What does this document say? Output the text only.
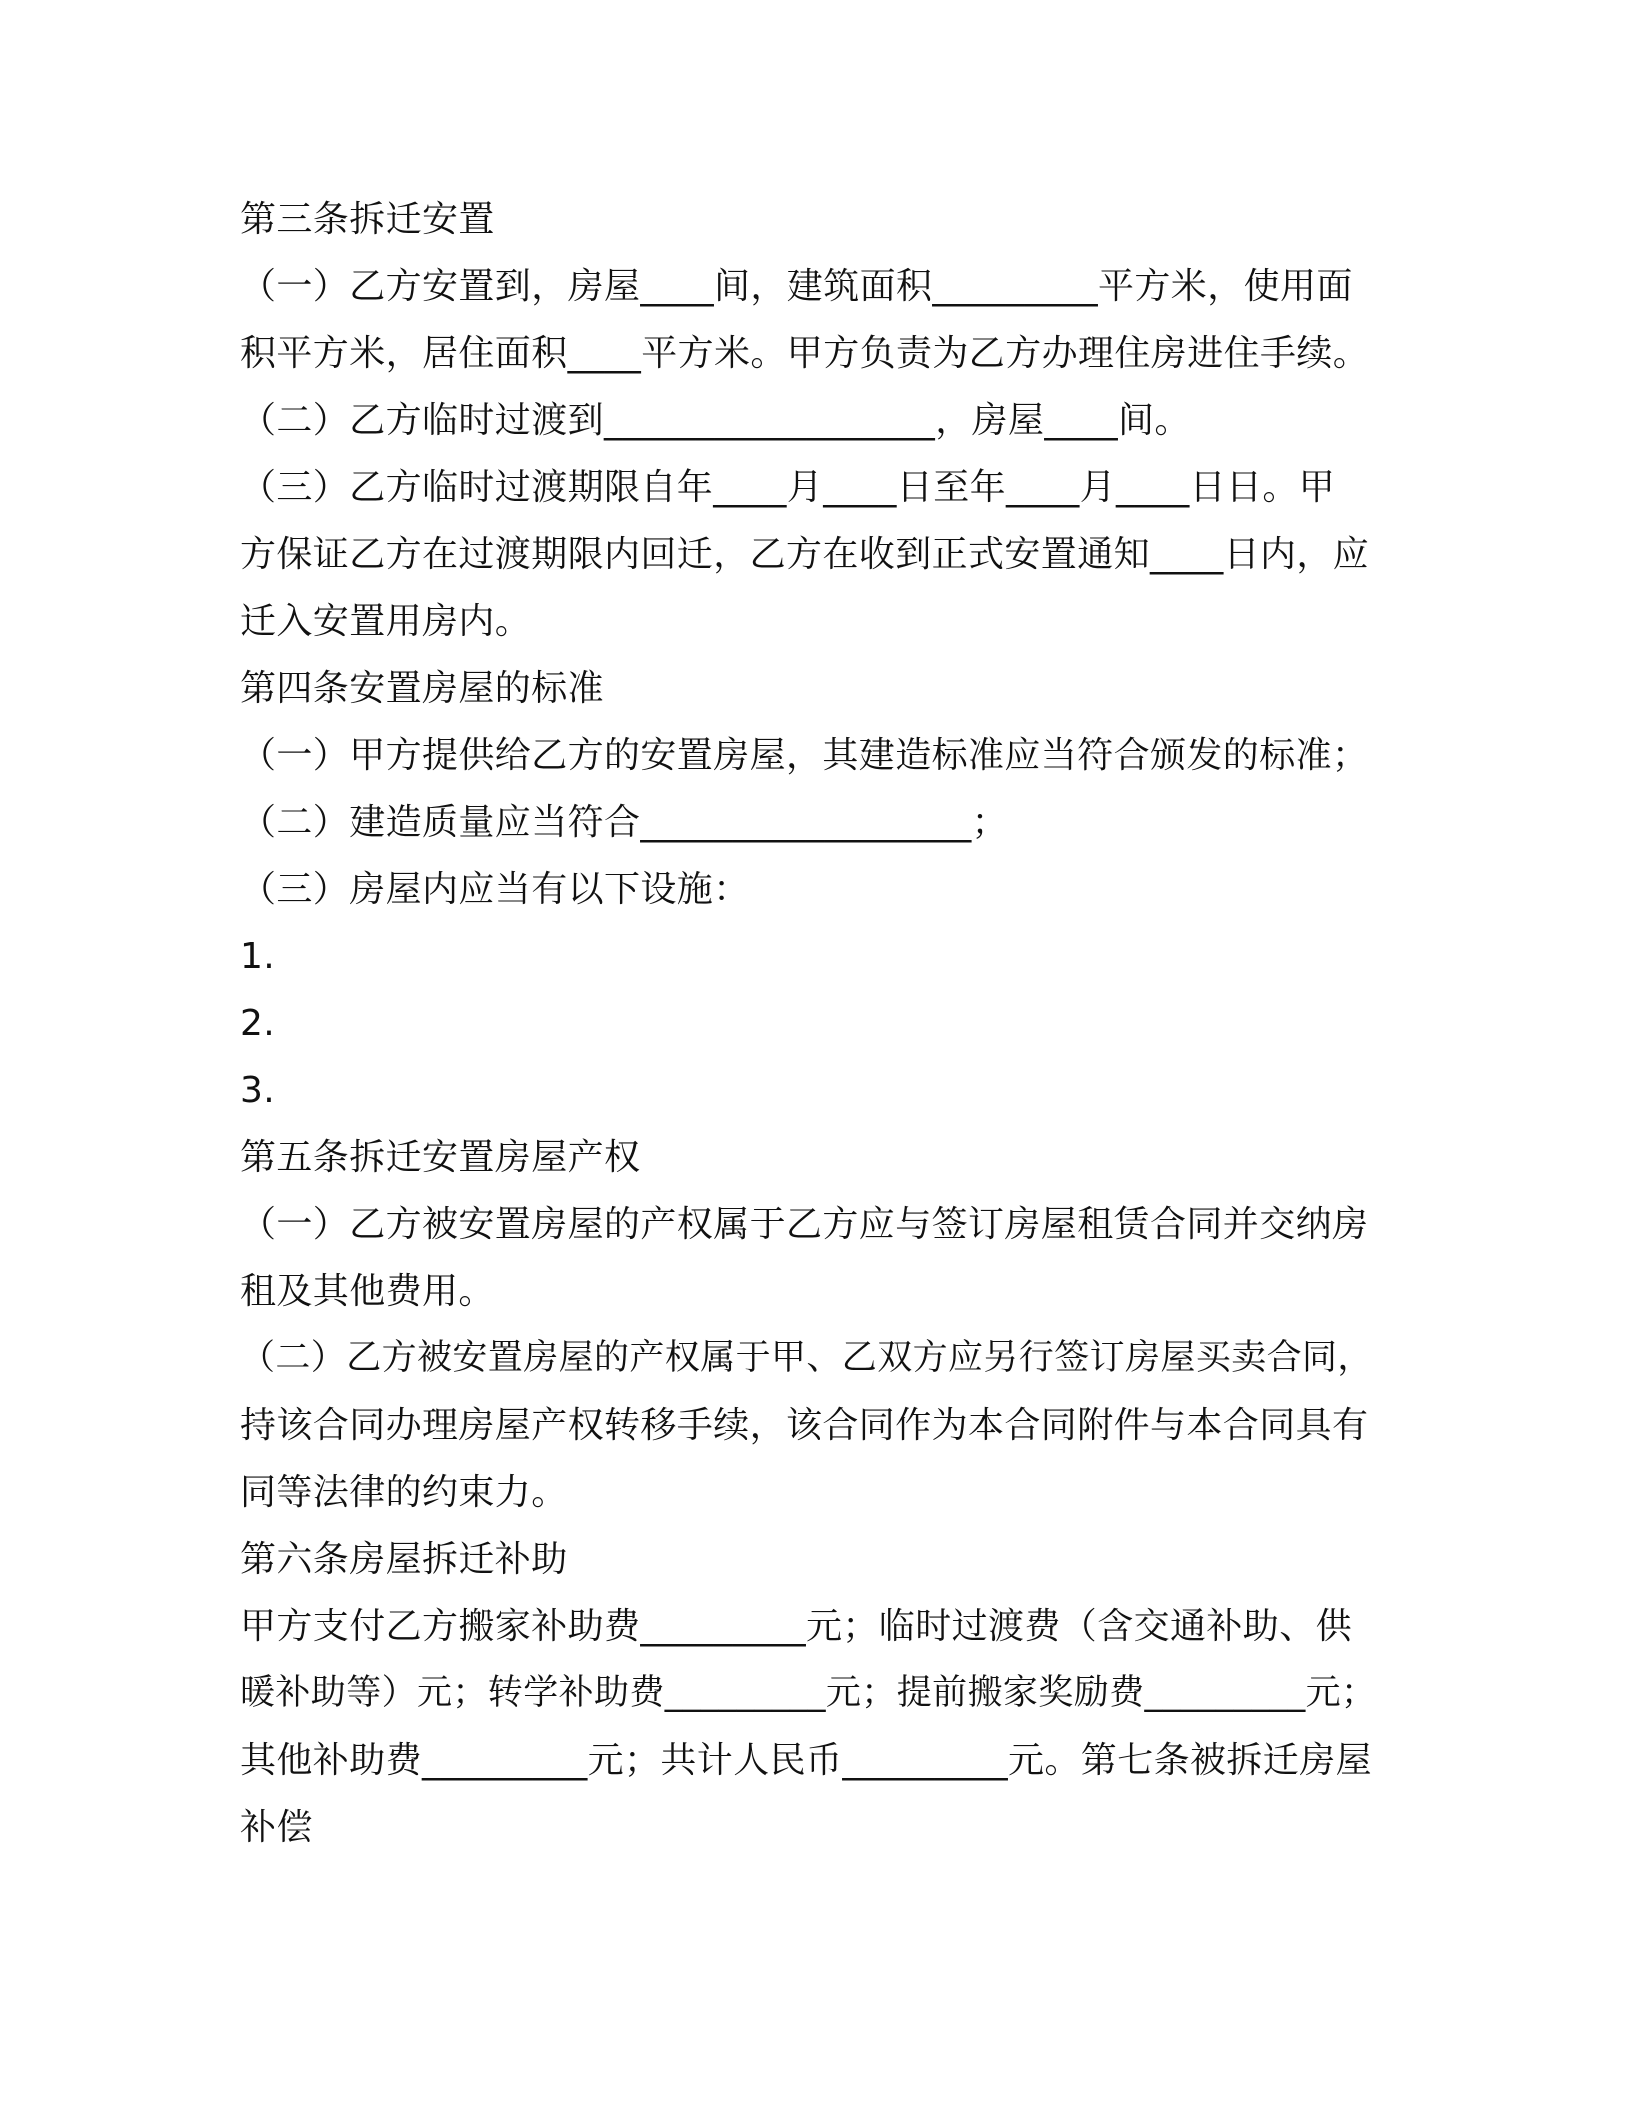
第三条拆迁安置
（一）乙方安置到，房屋____间，建筑面积_________平方米，使用面
积平方米，居住面积____平方米。甲方负责为乙方办理住房进住手续。
（二）乙方临时过渡到__________________，房屋____间。
（三）乙方临时过渡期限自年____月____日至年____月____日日。甲
方保证乙方在过渡期限内回迁，乙方在收到正式安置通知____日内，应
迁入安置用房内。
第四条安置房屋的标准
（一）甲方提供给乙方的安置房屋，其建造标准应当符合颁发的标准；
（二）建造质量应当符合__________________；
（三）房屋内应当有以下设施：
1.
2.
3.
第五条拆迁安置房屋产权
（一）乙方被安置房屋的产权属于乙方应与签订房屋租赁合同并交纳房
租及其他费用。
（二）乙方被安置房屋的产权属于甲、乙双方应另行签订房屋买卖合同，
持该合同办理房屋产权转移手续，该合同作为本合同附件与本合同具有
同等法律的约束力。
第六条房屋拆迁补助
甲方支付乙方搬家补助费_________元；临时过渡费（含交通补助、供
暖补助等）元；转学补助费_________元；提前搬家奖励费_________元；
其他补助费_________元；共计人民币_________元。第七条被拆迁房屋
补偿
